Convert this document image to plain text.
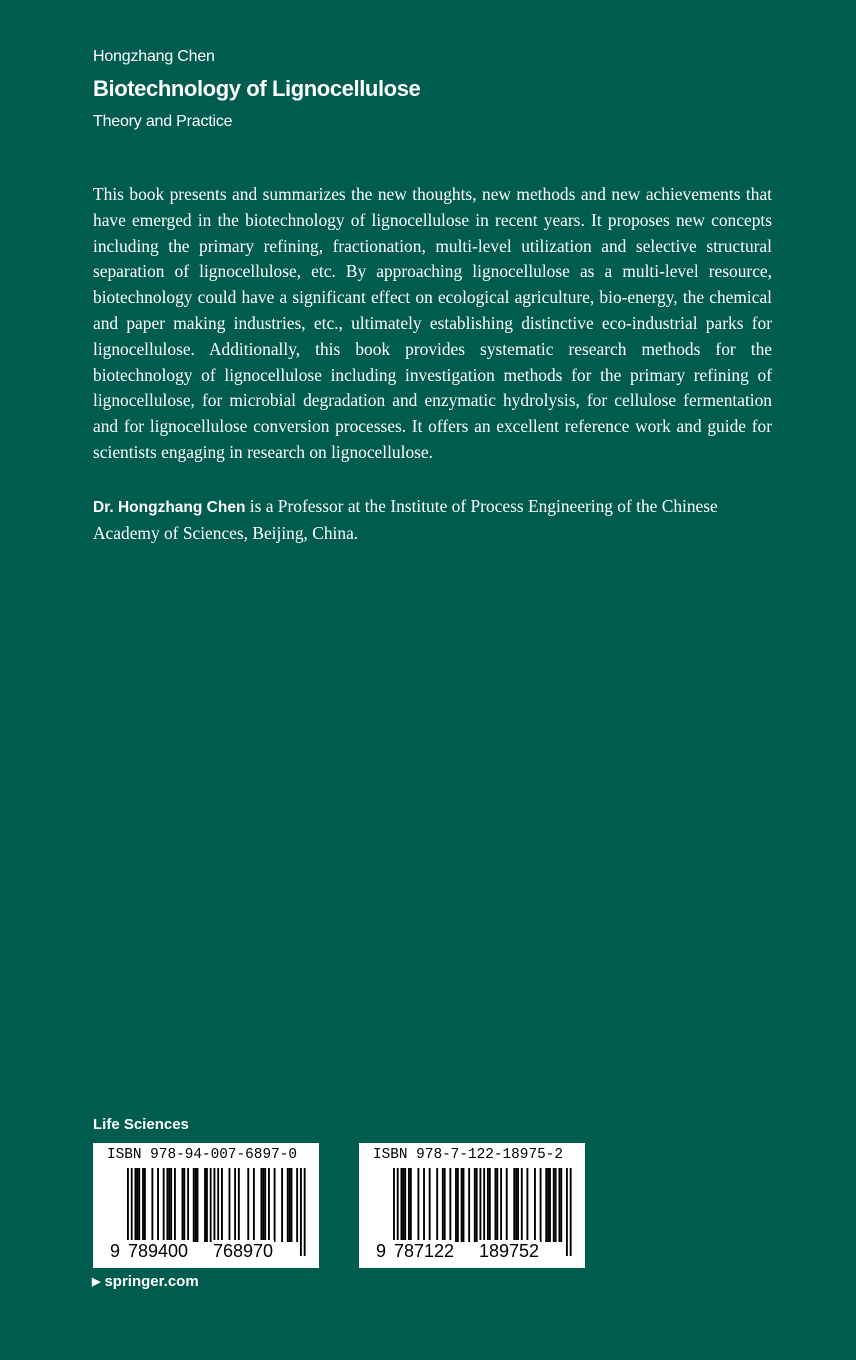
Hongzhang Chen
Biotechnology of Lignocellulose
Theory and Practice

This book presents and summarizes the new thoughts, new methods and new achievements that have emerged in the biotechnology of lignocellulose in recent years. It proposes new concepts including the primary refining, fractionation, multi-level utilization and selective structural separation of lignocellulose, etc. By approaching lignocellulose as a multi-level resource, biotechnology could have a significant effect on ecological agriculture, bio-energy, the chemical and paper making industries, etc., ultimately establishing distinctive eco-industrial parks for lignocellulose. Additionally, this book provides systematic research methods for the biotechnology of lignocellulose including investigation methods for the primary refining of lignocellulose, for microbial degradation and enzymatic hydrolysis, for cellulose fermentation and for lignocellulose conversion processes. It offers an excellent reference work and guide for scientists engaging in research on lignocellulose.

Dr. Hongzhang Chen is a Professor at the Institute of Process Engineering of the Chinese Academy of Sciences, Beijing, China.

Life Sciences
ISBN 978-94-007-6897-0
9 789400 768970
ISBN 978-7-122-18975-2
9 787122 189752
▶ springer.com
